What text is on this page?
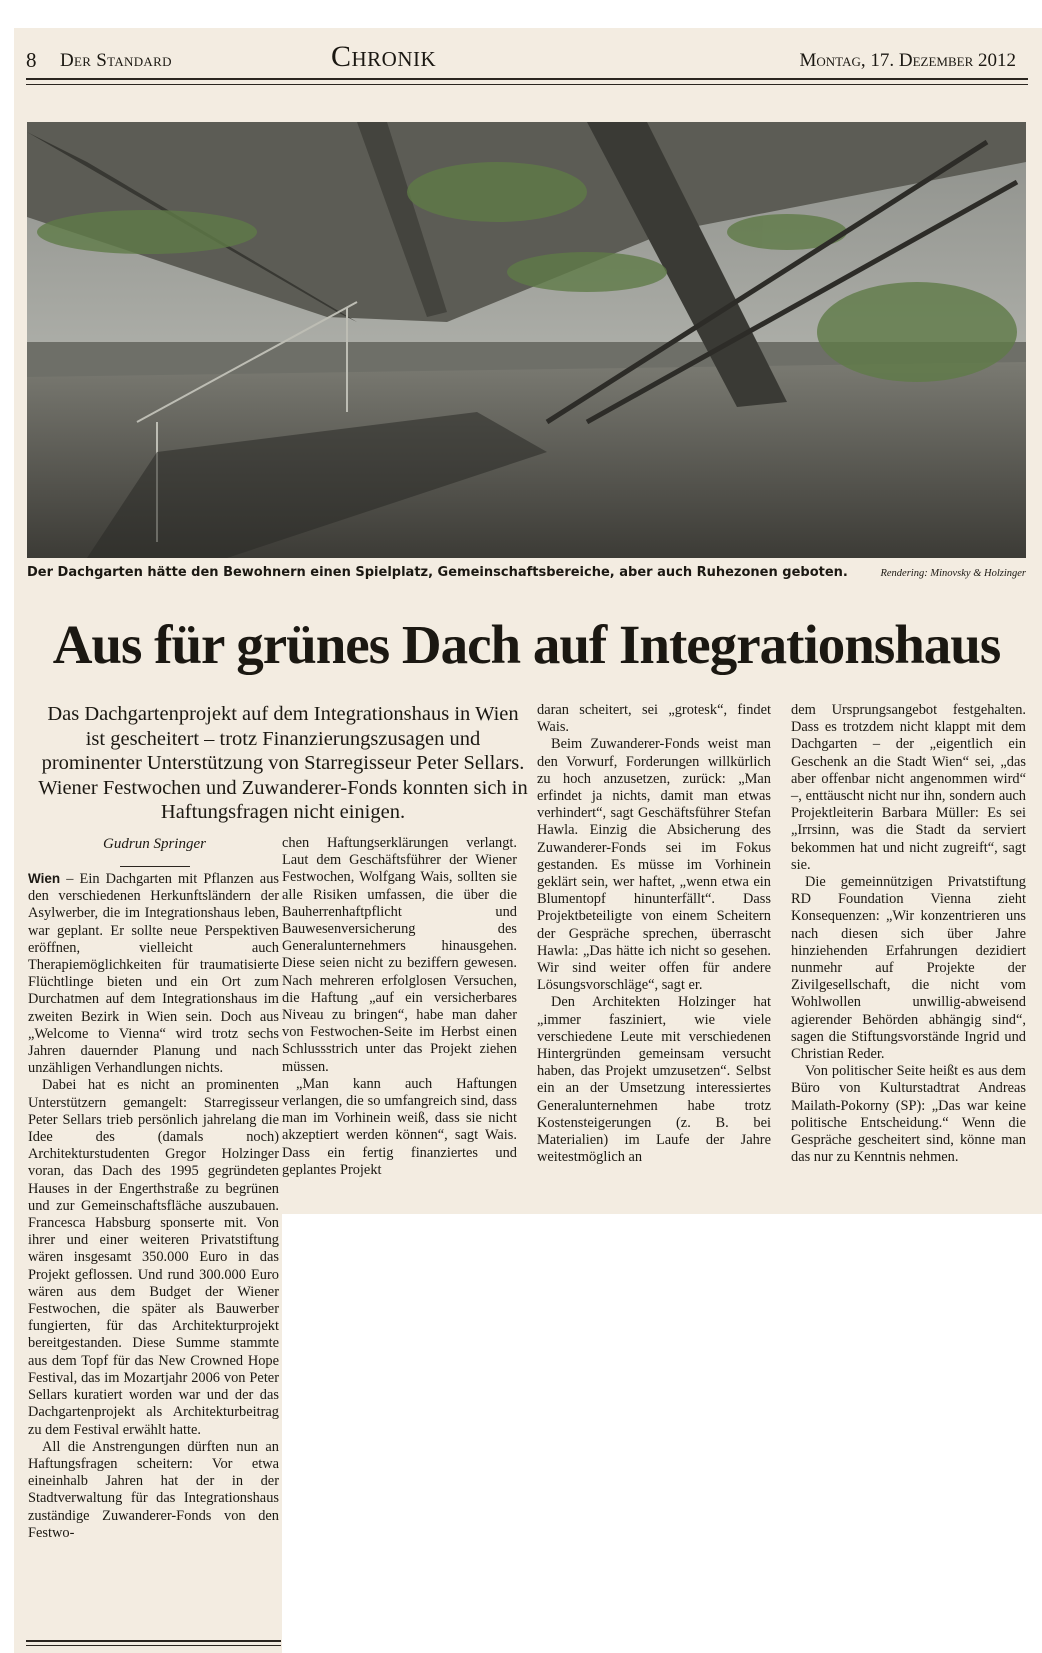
8 Der Standard	Chronik	Montag, 17. Dezember 2012
Der Dachgarten hätte den Bewohnern einen Spielplatz, Gemeinschaftsbereiche, aber auch Ruhezonen geboten.	Rendering: Minovsky & Holzinger
Aus für grünes Dach auf Integrationshaus
Das Dachgartenprojekt auf dem Integrationshaus in Wien ist gescheitert – trotz Finanzierungszusagen und prominenter Unterstützung von Starregisseur Peter Sellars. Wiener Festwochen und Zuwanderer-Fonds konnten sich in Haftungsfragen nicht einigen.
Gudrun Springer

Wien – Ein Dachgarten mit Pflanzen aus den verschiedenen Herkunftsländern der Asylwerber, die im Integrationshaus leben, war geplant. Er sollte neue Perspektiven eröffnen, vielleicht auch Therapiemöglichkeiten für traumatisierte Flüchtlinge bieten und ein Ort zum Durchatmen auf dem Integrationshaus im zweiten Bezirk in Wien sein. Doch aus „Welcome to Vienna“ wird trotz sechs Jahren dauernder Planung und nach unzähligen Verhandlungen nichts.

Dabei hat es nicht an prominenten Unterstützern gemangelt: Starregisseur Peter Sellars trieb persönlich jahrelang die Idee des (damals noch) Architekturstudenten Gregor Holzinger voran, das Dach des 1995 gegründeten Hauses in der Engerthstraße zu begrünen und zur Gemeinschaftsfläche auszubauen. Francesca Habsburg sponserte mit. Von ihrer und einer weiteren Privatstiftung wären insgesamt 350.000 Euro in das Projekt geflossen. Und rund 300.000 Euro wären aus dem Budget der Wiener Festwochen, die später als Bauwerber fungierten, für das Architekturprojekt bereitgestanden. Diese Summe stammte aus dem Topf für das New Crowned Hope Festival, das im Mozartjahr 2006 von Peter Sellars kuratiert worden war und der das Dachgartenprojekt als Architekturbeitrag zu dem Festival erwählt hatte.

All die Anstrengungen dürften nun an Haftungsfragen scheitern: Vor etwa eineinhalb Jahren hat der in der Stadtverwaltung für das Integrationshaus zuständige Zuwanderer-Fonds von den Festwo-

chen Haftungserklärungen verlangt. Laut dem Geschäftsführer der Wiener Festwochen, Wolfgang Wais, sollten sie alle Risiken umfassen, die über die Bauherrenhaftpflicht und Bauwesenversicherung des Generalunternehmers hinausgehen. Diese seien nicht zu beziffern gewesen. Nach mehreren erfolglosen Versuchen, die Haftung „auf ein versicherbares Niveau zu bringen“, habe man daher von Festwochen-Seite im Herbst einen Schlussstrich unter das Projekt ziehen müssen.

„Man kann auch Haftungen verlangen, die so umfangreich sind, dass man im Vorhinein weiß, dass sie nicht akzeptiert werden können“, sagt Wais. Dass ein fertig finanziertes und geplantes Projekt

daran scheitert, sei „grotesk“, findet Wais.

Beim Zuwanderer-Fonds weist man den Vorwurf, Forderungen willkürlich zu hoch anzusetzen, zurück: „Man erfindet ja nichts, damit man etwas verhindert“, sagt Geschäftsführer Stefan Hawla. Einzig die Absicherung des Zuwanderer-Fonds sei im Fokus gestanden. Es müsse im Vorhinein geklärt sein, wer haftet, „wenn etwa ein Blumentopf hinunterfällt“. Dass Projektbeteiligte von einem Scheitern der Gespräche sprechen, überrascht Hawla: „Das hätte ich nicht so gesehen. Wir sind weiter offen für andere Lösungsvorschläge“, sagt er.

Den Architekten Holzinger hat „immer fasziniert, wie viele verschiedene Leute mit verschiedenen Hintergründen gemeinsam versucht haben, das Projekt umzusetzen“. Selbst ein an der Umsetzung interessiertes Generalunternehmen habe trotz Kostensteigerungen (z. B. bei Materialien) im Laufe der Jahre weitestmöglich an

dem Ursprungsangebot festgehalten. Dass es trotzdem nicht klappt mit dem Dachgarten – der „eigentlich ein Geschenk an die Stadt Wien“ sei, „das aber offenbar nicht angenommen wird“ –, enttäuscht nicht nur ihn, sondern auch Projektleiterin Barbara Müller: Es sei „Irrsinn, was die Stadt da serviert bekommen hat und nicht zugreift“, sagt sie.

Die gemeinnützigen Privatstiftung RD Foundation Vienna zieht Konsequenzen: „Wir konzentrieren uns nach diesen sich über Jahre hinziehenden Erfahrungen dezidiert nunmehr auf Projekte der Zivilgesellschaft, die nicht vom Wohlwollen unwillig-abweisend agierender Behörden abhängig sind“, sagen die Stiftungsvorstände Ingrid und Christian Reder.

Von politischer Seite heißt es aus dem Büro von Kulturstadtrat Andreas Mailath-Pokorny (SP): „Das war keine politische Entscheidung.“ Wenn die Gespräche gescheitert sind, könne man das nur zu Kenntnis nehmen.
